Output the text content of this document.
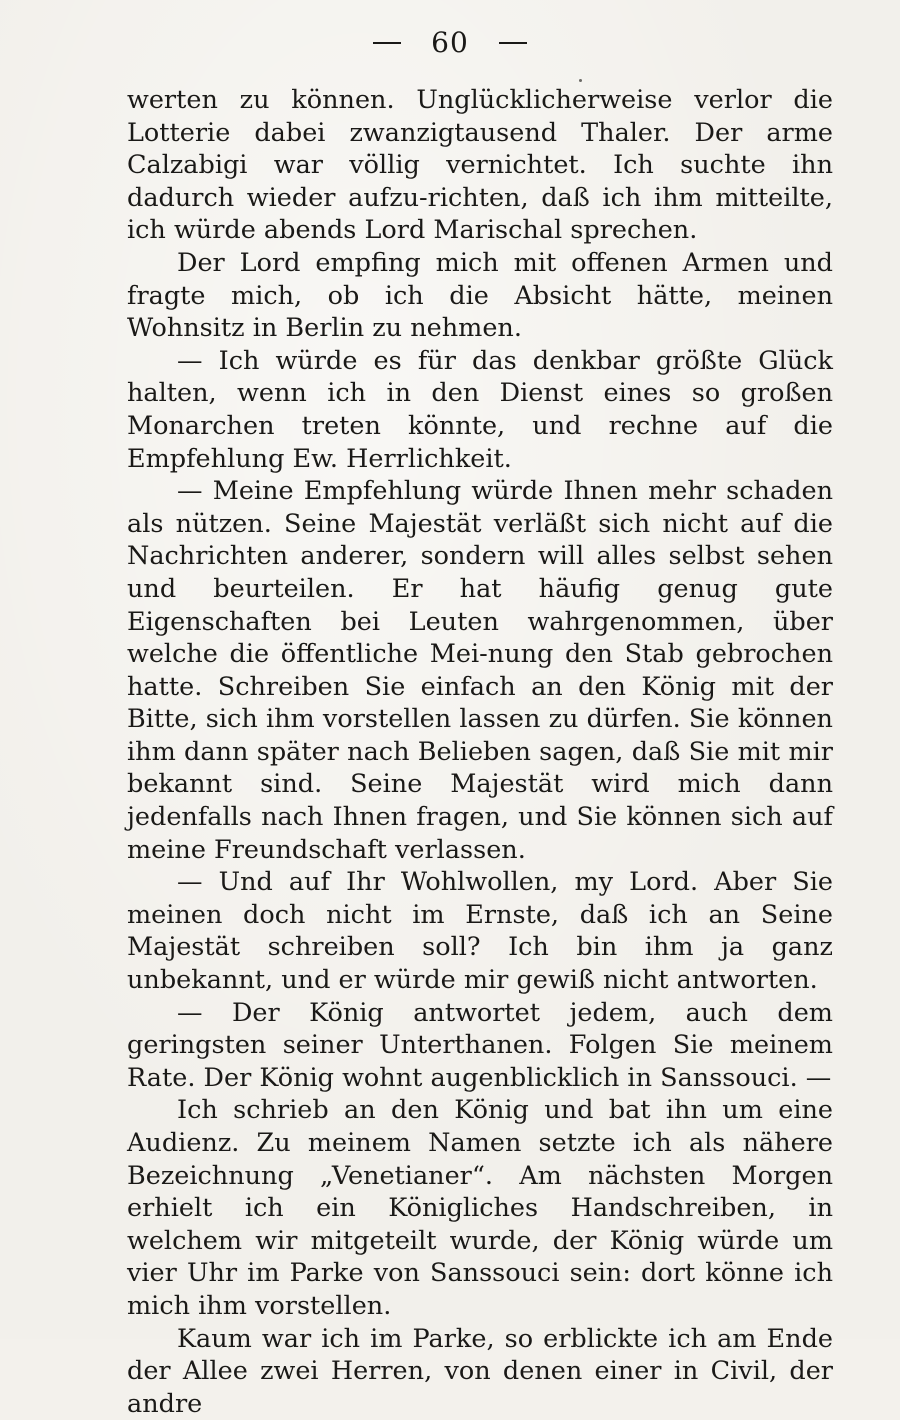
60

werten zu können. Unglücklicherweise verlor die Lotterie dabei zwanzigtausend Thaler. Der arme Calzabigi war völlig vernichtet. Ich suchte ihn dadurch wieder aufzu-richten, daß ich ihm mitteilte, ich würde abends Lord Marischal sprechen.

Der Lord empfing mich mit offenen Armen und fragte mich, ob ich die Absicht hätte, meinen Wohnsitz in Berlin zu nehmen.

— Ich würde es für das denkbar größte Glück halten, wenn ich in den Dienst eines so großen Monarchen treten könnte, und rechne auf die Empfehlung Ew. Herrlichkeit.

— Meine Empfehlung würde Ihnen mehr schaden als nützen. Seine Majestät verläßt sich nicht auf die Nachrichten anderer, sondern will alles selbst sehen und beurteilen. Er hat häufig genug gute Eigenschaften bei Leuten wahrgenommen, über welche die öffentliche Mei-nung den Stab gebrochen hatte. Schreiben Sie einfach an den König mit der Bitte, sich ihm vorstellen lassen zu dürfen. Sie können ihm dann später nach Belieben sagen, daß Sie mit mir bekannt sind. Seine Majestät wird mich dann jedenfalls nach Ihnen fragen, und Sie können sich auf meine Freundschaft verlassen.

— Und auf Ihr Wohlwollen, my Lord. Aber Sie meinen doch nicht im Ernste, daß ich an Seine Majestät schreiben soll? Ich bin ihm ja ganz unbekannt, und er würde mir gewiß nicht antworten.

— Der König antwortet jedem, auch dem geringsten seiner Unterthanen. Folgen Sie meinem Rate. Der König wohnt augenblicklich in Sanssouci. —

Ich schrieb an den König und bat ihn um eine Audienz. Zu meinem Namen setzte ich als nähere Bezeichnung „Venetianer“. Am nächsten Morgen erhielt ich ein Königliches Handschreiben, in welchem wir mitgeteilt wurde, der König würde um vier Uhr im Parke von Sanssouci sein: dort könne ich mich ihm vorstellen.

Kaum war ich im Parke, so erblickte ich am Ende der Allee zwei Herren, von denen einer in Civil, der andre
